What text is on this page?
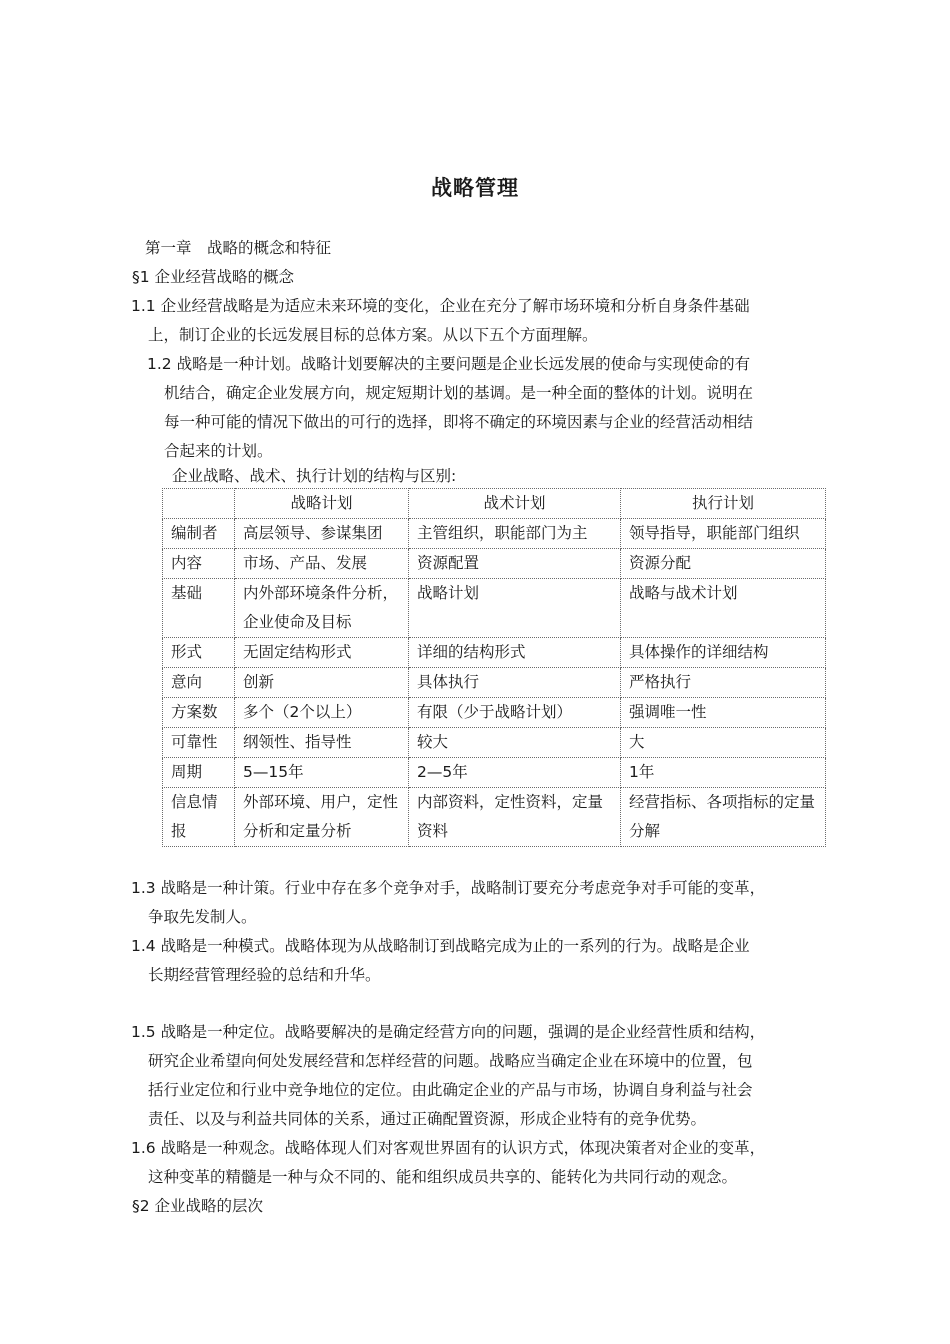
战略管理
第一章　战略的概念和特征
§1 企业经营战略的概念
1.1 企业经营战略是为适应未来环境的变化，企业在充分了解市场环境和分析自身条件基础
上，制订企业的长远发展目标的总体方案。从以下五个方面理解。
1.2 战略是一种计划。战略计划要解决的主要问题是企业长远发展的使命与实现使命的有
机结合，确定企业发展方向，规定短期计划的基调。是一种全面的整体的计划。说明在
每一种可能的情况下做出的可行的选择，即将不确定的环境因素与企业的经营活动相结
合起来的计划。
企业战略、战术、执行计划的结构与区别:
	战略计划	战术计划	执行计划
编制者	高层领导、参谋集团	主管组织，职能部门为主	领导指导，职能部门组织
内容	市场、产品、发展	资源配置	资源分配
基础	内外部环境条件分析，企业使命及目标	战略计划	战略与战术计划
形式	无固定结构形式	详细的结构形式	具体操作的详细结构
意向	创新	具体执行	严格执行
方案数	多个（2个以上）	有限（少于战略计划）	强调唯一性
可靠性	纲领性、指导性	较大	大
周期	5—15年	2—5年	1年
信息情报	外部环境、用户，定性分析和定量分析	内部资料，定性资料，定量资料	经营指标、各项指标的定量分解
1.3 战略是一种计策。行业中存在多个竞争对手，战略制订要充分考虑竞争对手可能的变革，
争取先发制人。
1.4 战略是一种模式。战略体现为从战略制订到战略完成为止的一系列的行为。战略是企业
长期经营管理经验的总结和升华。
1.5 战略是一种定位。战略要解决的是确定经营方向的问题，强调的是企业经营性质和结构，
研究企业希望向何处发展经营和怎样经营的问题。战略应当确定企业在环境中的位置，包
括行业定位和行业中竞争地位的定位。由此确定企业的产品与市场，协调自身利益与社会
责任、以及与利益共同体的关系，通过正确配置资源，形成企业特有的竞争优势。
1.6 战略是一种观念。战略体现人们对客观世界固有的认识方式，体现决策者对企业的变革，
这种变革的精髓是一种与众不同的、能和组织成员共享的、能转化为共同行动的观念。
§2 企业战略的层次
